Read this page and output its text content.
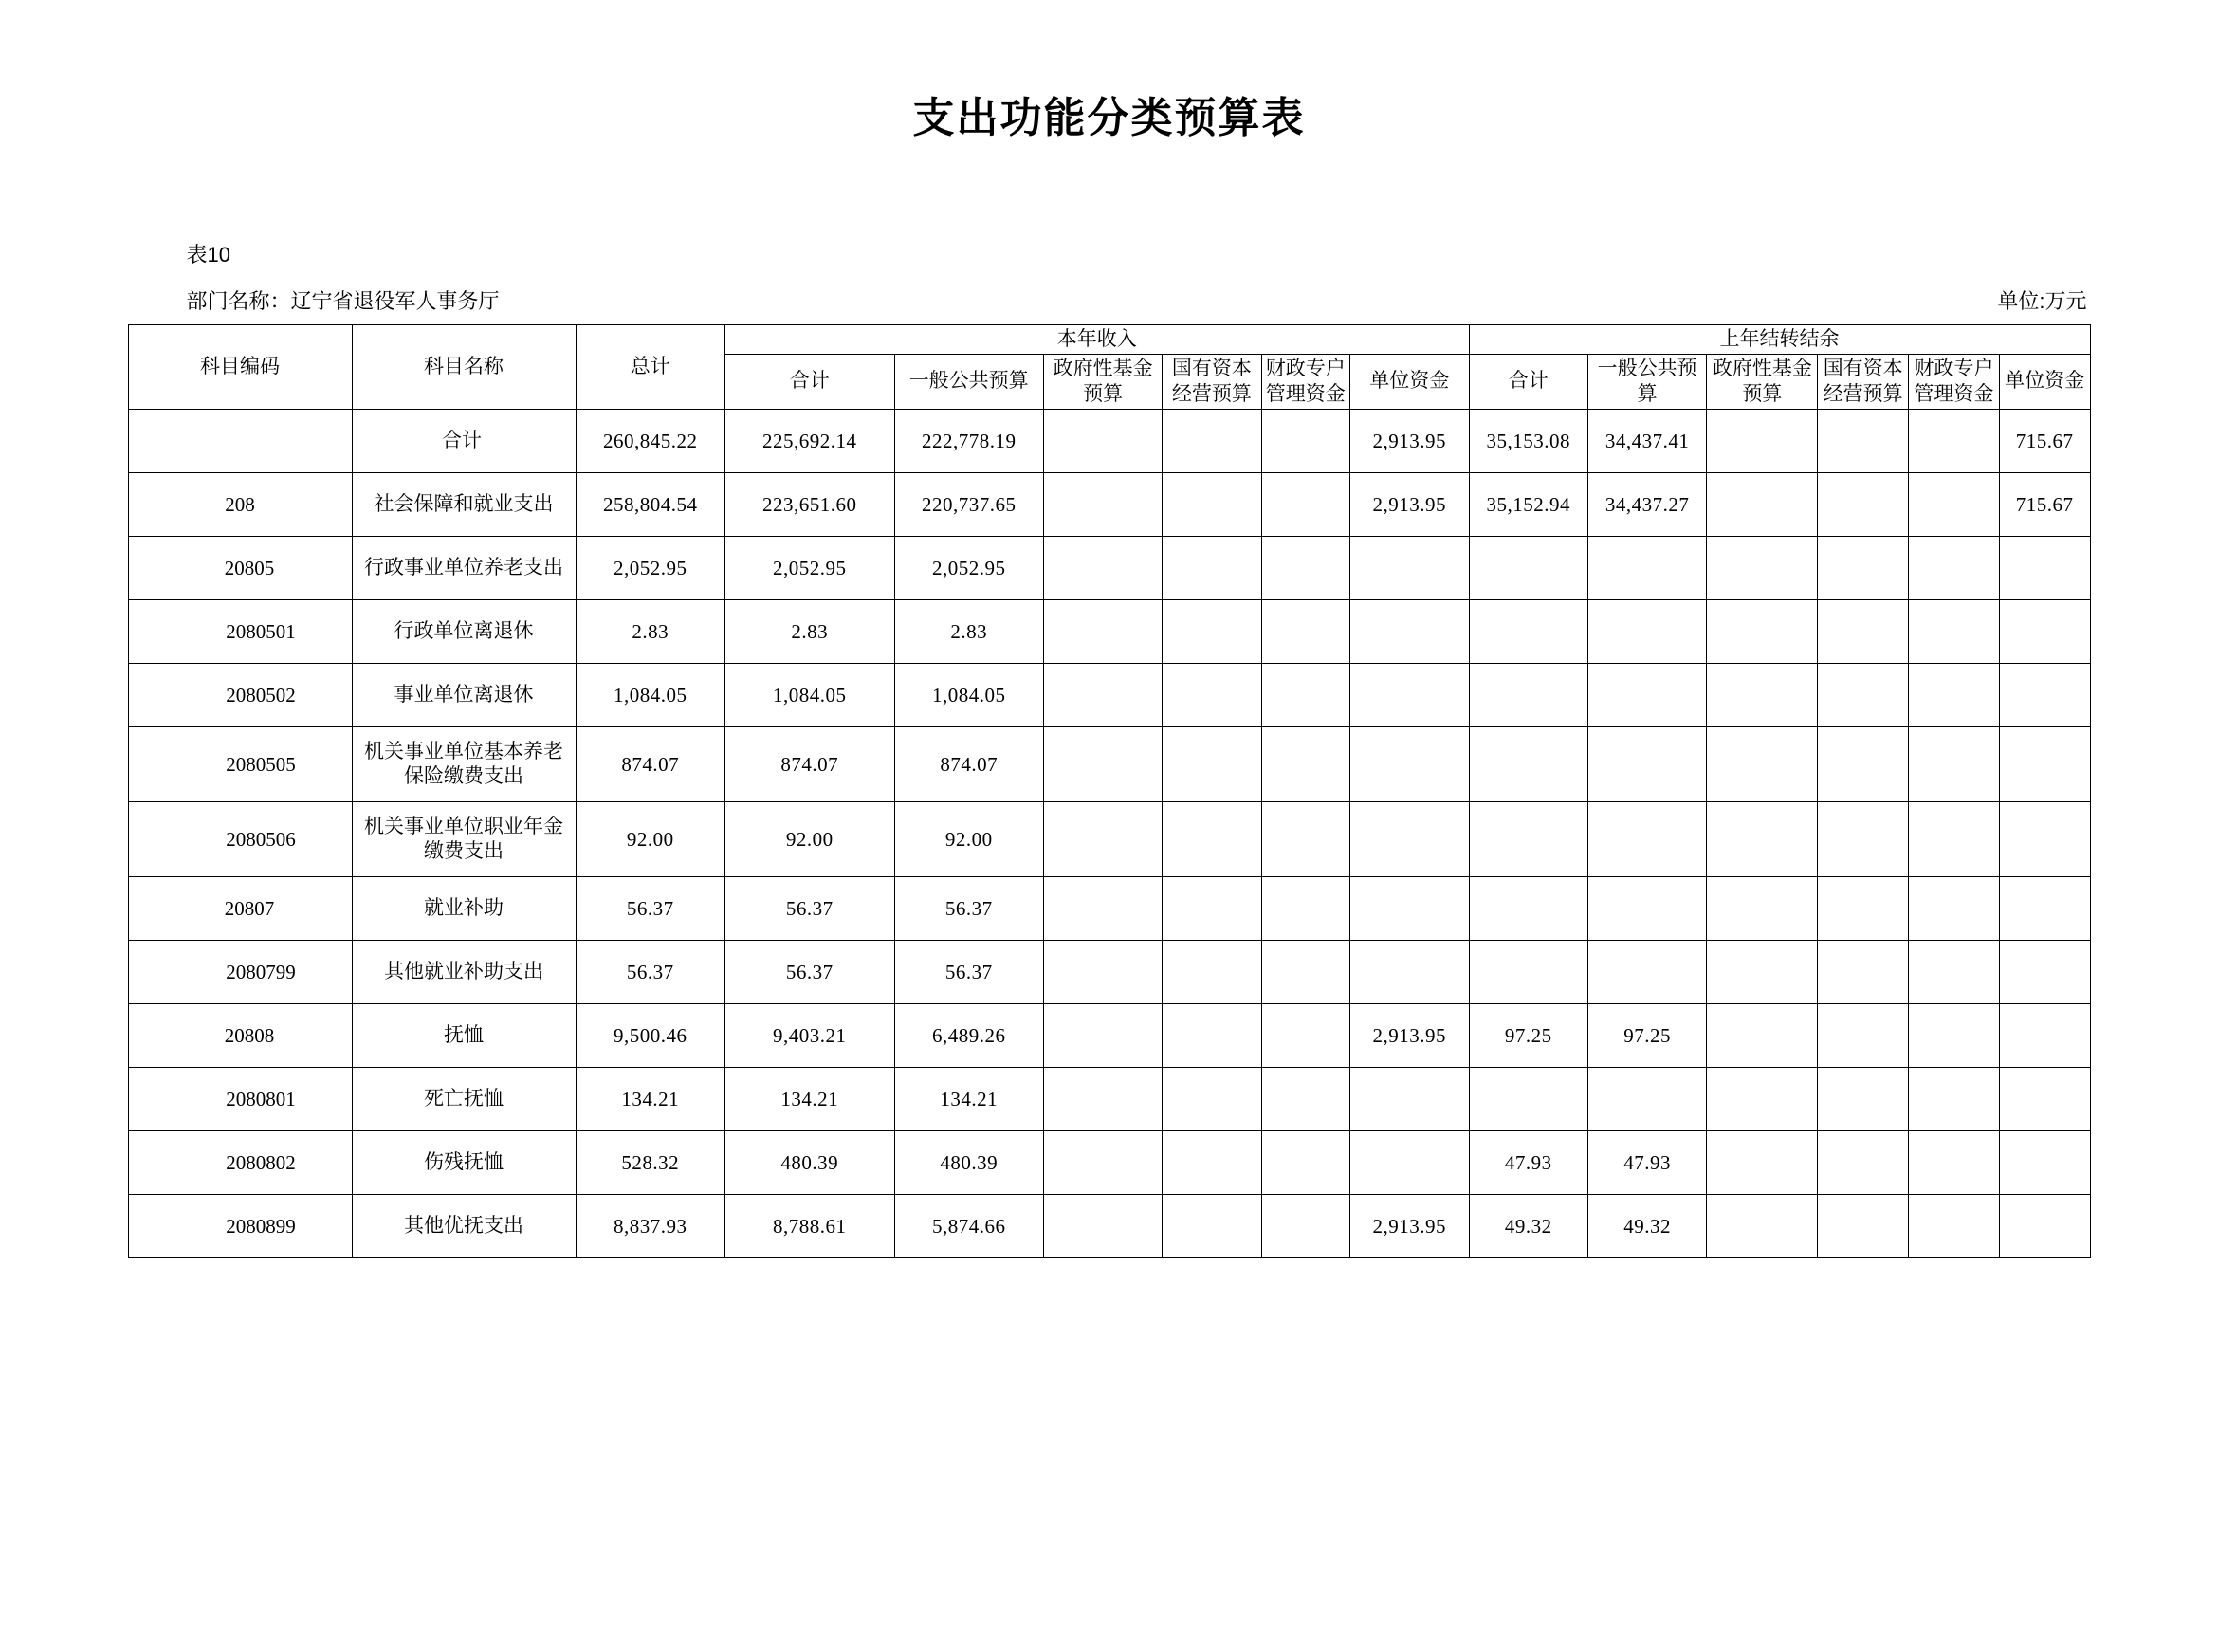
支出功能分类预算表
表10
部门名称：辽宁省退役军人事务厅	单位:万元
科目编码	科目名称	总计	本年收入						上年结转结余					
			合计	一般公共预算	政府性基金预算	国有资本经营预算	财政专户管理资金	单位资金	合计	一般公共预算	政府性基金预算	国有资本经营预算	财政专户管理资金	单位资金
	合计	260,845.22	225,692.14	222,778.19				2,913.95	35,153.08	34,437.41				715.67
208	社会保障和就业支出	258,804.54	223,651.60	220,737.65				2,913.95	35,152.94	34,437.27				715.67
20805	行政事业单位养老支出	2,052.95	2,052.95	2,052.95										
2080501	行政单位离退休	2.83	2.83	2.83										
2080502	事业单位离退休	1,084.05	1,084.05	1,084.05										
2080505	机关事业单位基本养老保险缴费支出	874.07	874.07	874.07										
2080506	机关事业单位职业年金缴费支出	92.00	92.00	92.00										
20807	就业补助	56.37	56.37	56.37										
2080799	其他就业补助支出	56.37	56.37	56.37										
20808	抚恤	9,500.46	9,403.21	6,489.26				2,913.95	97.25	97.25				
2080801	死亡抚恤	134.21	134.21	134.21										
2080802	伤残抚恤	528.32	480.39	480.39					47.93	47.93				
2080899	其他优抚支出	8,837.93	8,788.61	5,874.66				2,913.95	49.32	49.32				
